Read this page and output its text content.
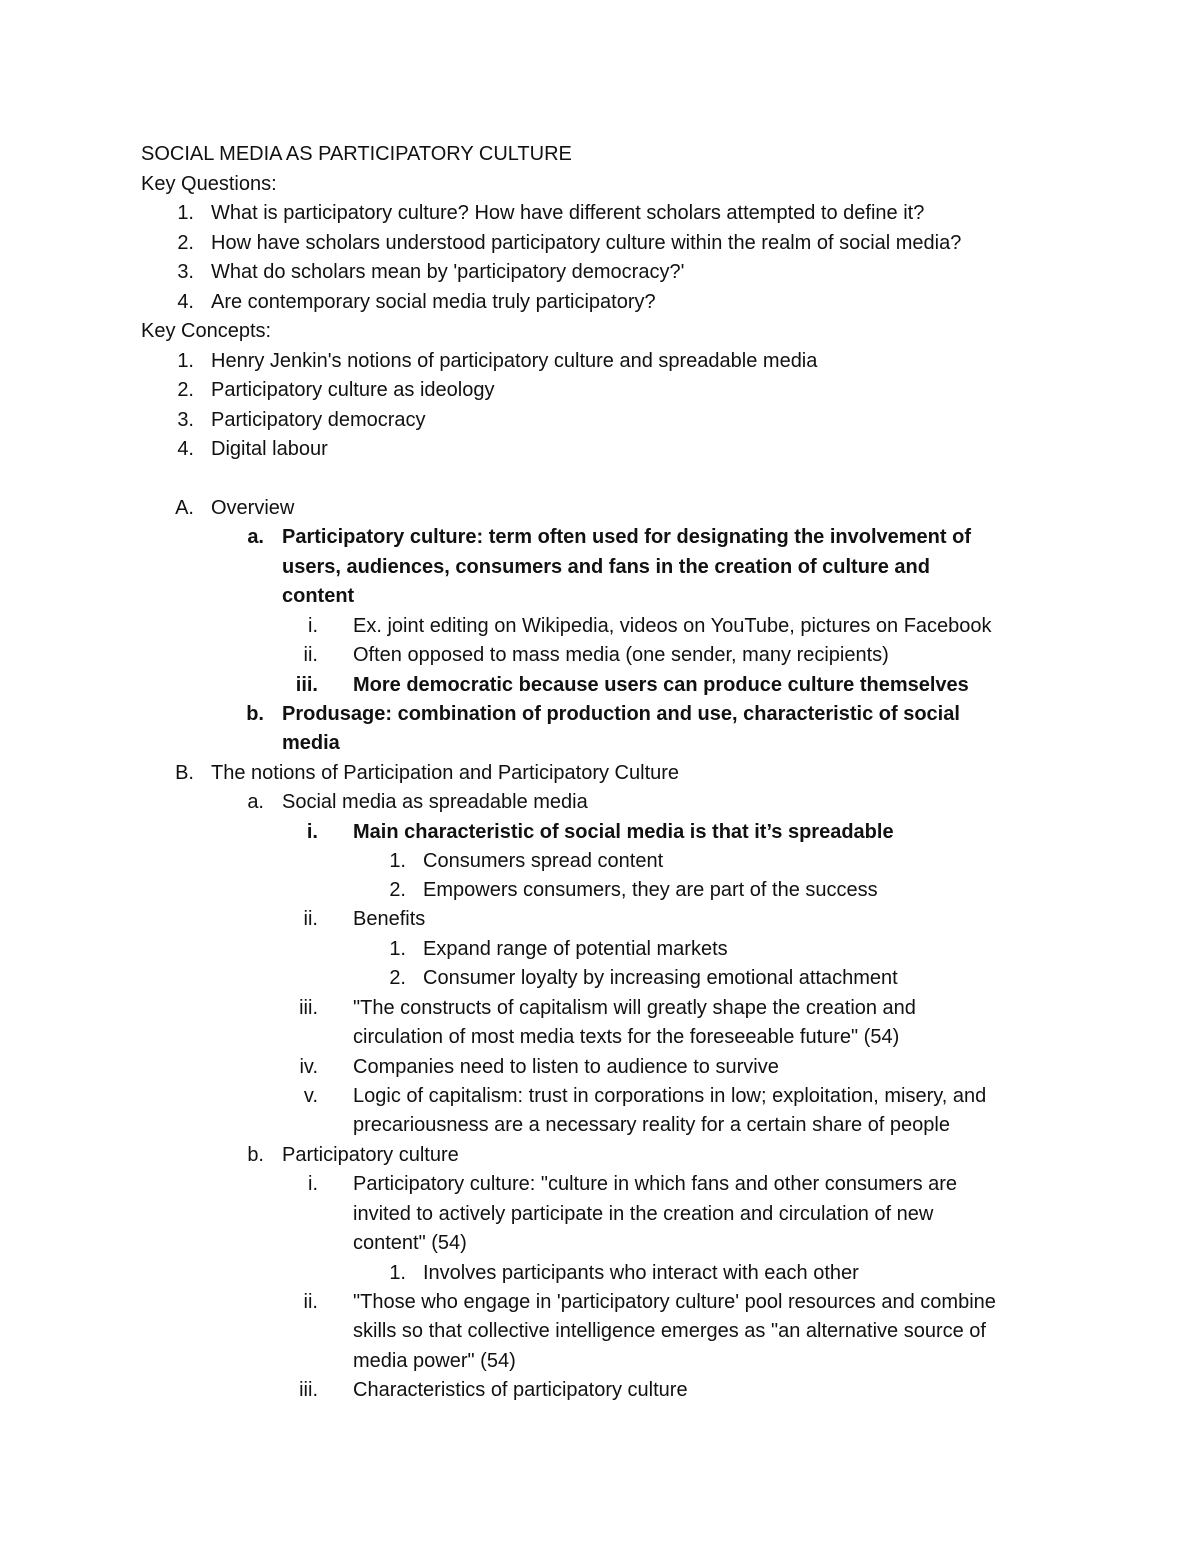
SOCIAL MEDIA AS PARTICIPATORY CULTURE
Key Questions:
1. What is participatory culture? How have different scholars attempted to define it?
2. How have scholars understood participatory culture within the realm of social media?
3. What do scholars mean by 'participatory democracy?'
4. Are contemporary social media truly participatory?
Key Concepts:
1. Henry Jenkin's notions of participatory culture and spreadable media
2. Participatory culture as ideology
3. Participatory democracy
4. Digital labour
A. Overview
a. Participatory culture: term often used for designating the involvement of
users, audiences, consumers and fans in the creation of culture and
content
i. Ex. joint editing on Wikipedia, videos on YouTube, pictures on Facebook
ii. Often opposed to mass media (one sender, many recipients)
iii. More democratic because users can produce culture themselves
b. Produsage: combination of production and use, characteristic of social
media
B. The notions of Participation and Participatory Culture
a. Social media as spreadable media
i. Main characteristic of social media is that it’s spreadable
1. Consumers spread content
2. Empowers consumers, they are part of the success
ii. Benefits
1. Expand range of potential markets
2. Consumer loyalty by increasing emotional attachment
iii. "The constructs of capitalism will greatly shape the creation and
circulation of most media texts for the foreseeable future" (54)
iv. Companies need to listen to audience to survive
v. Logic of capitalism: trust in corporations in low; exploitation, misery, and
precariousness are a necessary reality for a certain share of people
b. Participatory culture
i. Participatory culture: "culture in which fans and other consumers are
invited to actively participate in the creation and circulation of new
content" (54)
1. Involves participants who interact with each other
ii. "Those who engage in 'participatory culture' pool resources and combine
skills so that collective intelligence emerges as "an alternative source of
media power" (54)
iii. Characteristics of participatory culture
